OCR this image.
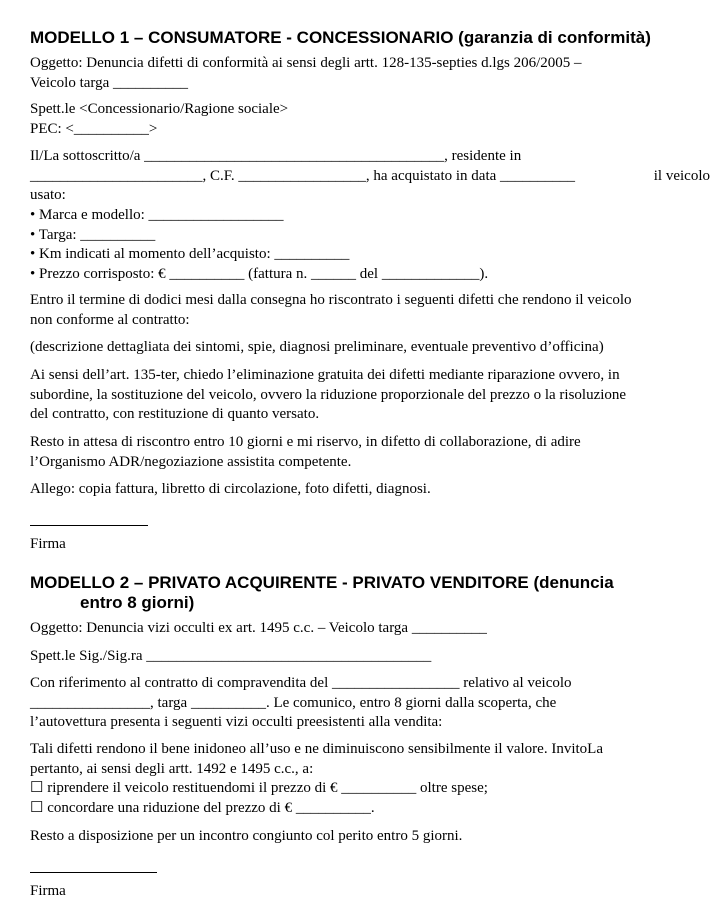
MODELLO 1 – CONSUMATORE - CONCESSIONARIO (garanzia di conformità)
Oggetto: Denuncia difetti di conformità ai sensi degli artt. 128-135-septies d.lgs 206/2005 –
Veicolo targa __________
Spett.le <Concessionario/Ragione sociale>
PEC: <__________>
Il/La sottoscritto/a ________________________________________, residente in
_______________________, C.F. _________________, ha acquistato in data __________	il veicolo
usato:
• Marca e modello: __________________
• Targa: __________
• Km indicati al momento dell’acquisto: __________
• Prezzo corrisposto: € __________ (fattura n. ______ del _____________).
Entro il termine di dodici mesi dalla consegna ho riscontrato i seguenti difetti che rendono il veicolo
non conforme al contratto:

(descrizione dettagliata dei sintomi, spie, diagnosi preliminare, eventuale preventivo d’officina)

Ai sensi dell’art. 135-ter, chiedo l’eliminazione gratuita dei difetti mediante riparazione ovvero, in
subordine, la sostituzione del veicolo, ovvero la riduzione proporzionale del prezzo o la risoluzione
del contratto, con restituzione di quanto versato.
Resto in attesa di riscontro entro 10 giorni e mi riservo, in difetto di collaborazione, di adire
l’Organismo ADR/negoziazione assistita competente.

Allego: copia fattura, libretto di circolazione, foto difetti, diagnosi.

Firma

MODELLO 2 – PRIVATO ACQUIRENTE - PRIVATO VENDITORE (denuncia
entro 8 giorni)

Oggetto: Denuncia vizi occulti ex art. 1495 c.c. – Veicolo targa __________

Spett.le Sig./Sig.ra ______________________________________

Con riferimento al contratto di compravendita del _________________ relativo al veicolo
________________, targa __________. Le comunico, entro 8 giorni dalla scoperta, che
l’autovettura presenta i seguenti vizi occulti preesistenti alla vendita:
Tali difetti rendono il bene inidoneo all’uso e ne diminuiscono sensibilmente il valore. InvitoLa
pertanto, ai sensi degli artt. 1492 e 1495 c.c., a:
☐ riprendere il veicolo restituendomi il prezzo di € __________ oltre spese;
☐ concordare una riduzione del prezzo di € __________.

Resto a disposizione per un incontro congiunto col perito entro 5 giorni.

Firma
